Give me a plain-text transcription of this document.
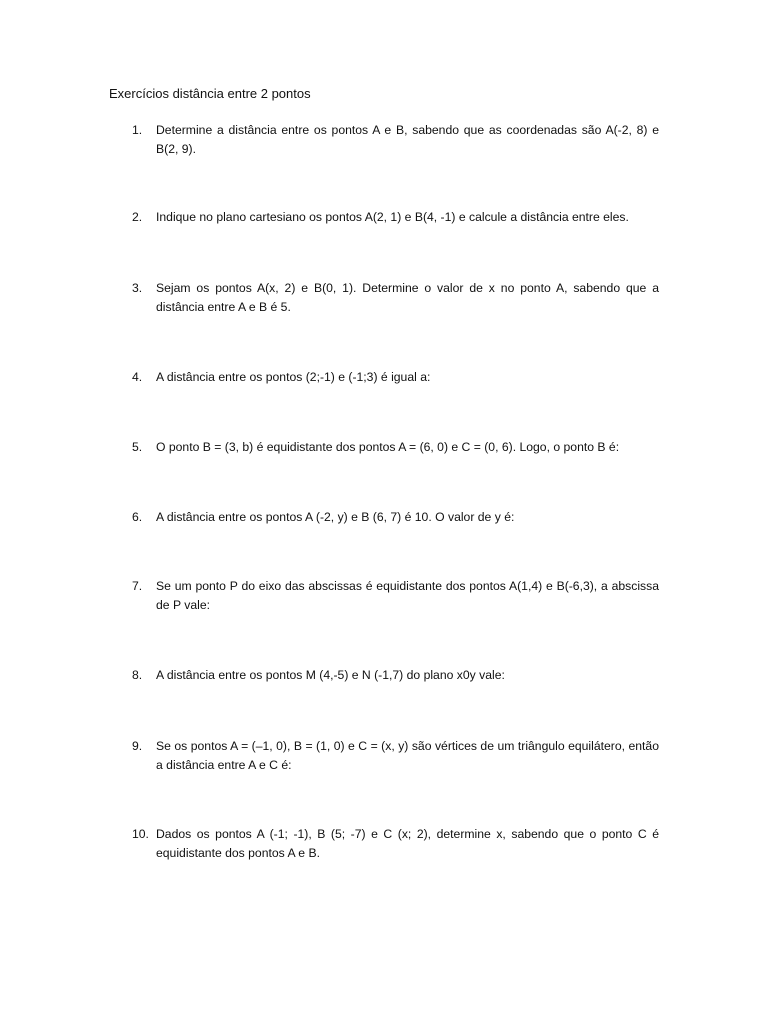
Exercícios distância entre 2 pontos
1.	Determine a distância entre os pontos A e B, sabendo que as coordenadas são A(-2, 8) e B(2, 9).
2.	Indique no plano cartesiano os pontos A(2, 1) e B(4, -1) e calcule a distância entre eles.
3.	Sejam os pontos A(x, 2) e B(0, 1). Determine o valor de x no ponto A, sabendo que a distância entre A e B é 5.
4.	A distância entre os pontos (2;-1) e (-1;3) é igual a:
5.	O ponto B = (3, b) é equidistante dos pontos A = (6, 0) e C = (0, 6). Logo, o ponto B é:
6.	A distância entre os pontos A (-2, y) e B (6, 7) é 10. O valor de y é:
7.	Se um ponto P do eixo das abscissas é equidistante dos pontos A(1,4) e B(-6,3), a abscissa de P vale:
8.	A distância entre os pontos M (4,-5) e N (-1,7) do plano x0y vale:
9.	Se os pontos A = (–1, 0), B = (1, 0) e C = (x, y) são vértices de um triângulo equilátero, então a distância entre A e C é:
10. Dados os pontos A (-1; -1), B (5; -7) e C (x; 2), determine x, sabendo que o ponto C é equidistante dos pontos A e B.
